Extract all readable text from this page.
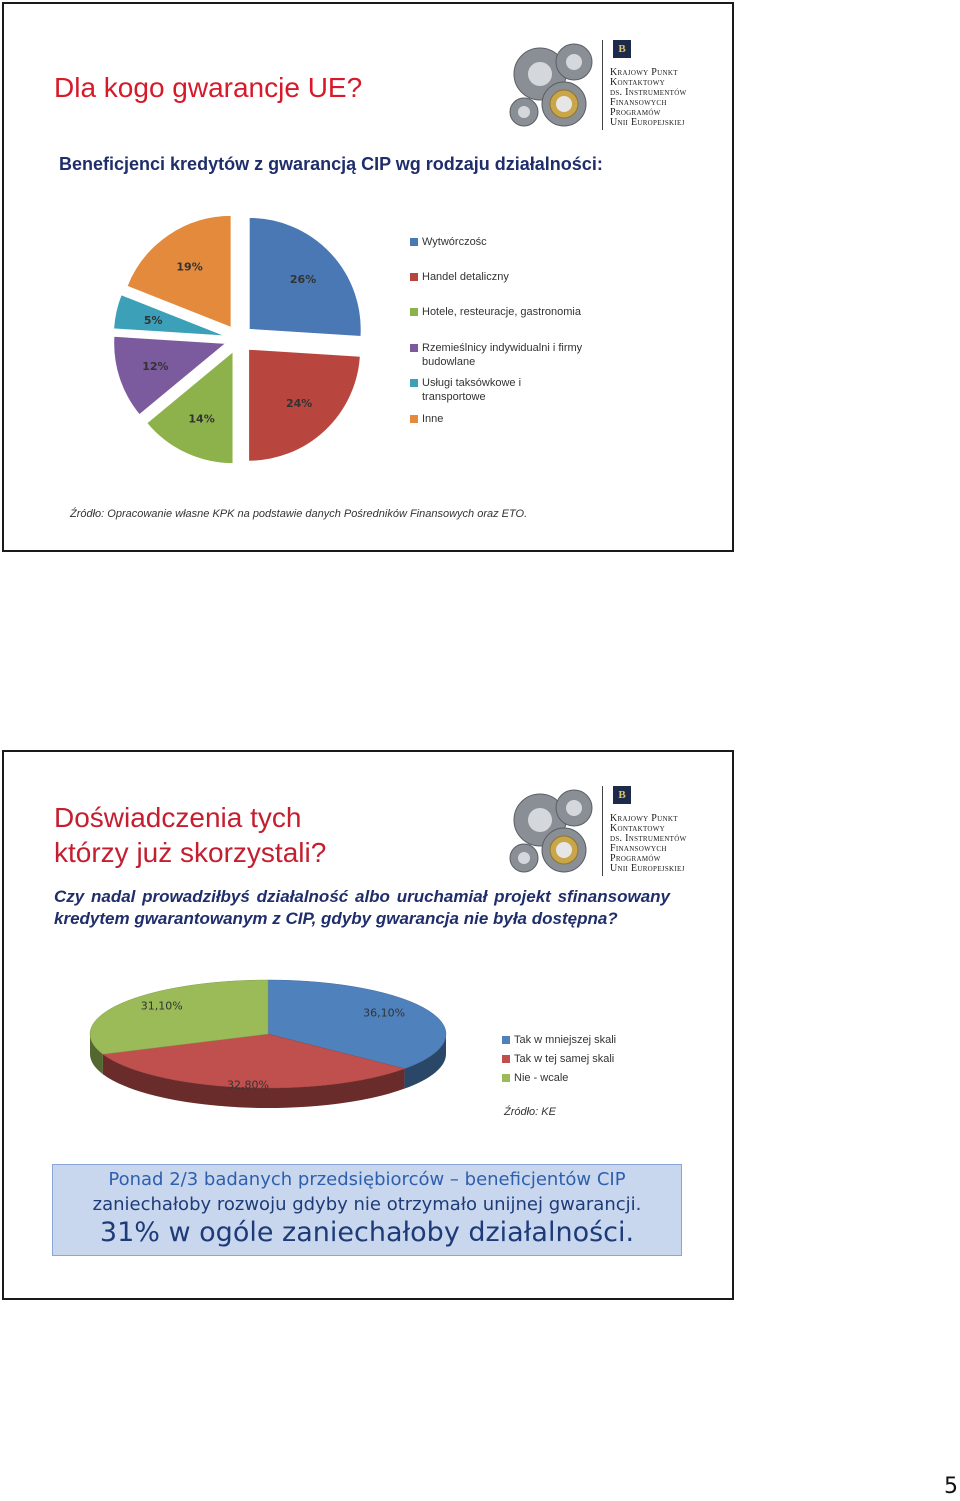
Dla kogo gwarancje UE?
B
Krajowy Punkt
Kontaktowy
ds. Instrumentów
Finansowych
Programów
Unii Europejskiej
Beneficjenci kredytów z gwarancją CIP wg rodzaju działalności:
26%
24%
14%
12%
5%
19%
Wytwórczośc
Handel detaliczny
Hotele, resteuracje, gastronomia
Rzemieślnicy indywidualni i firmy budowlane
Usługi taksówkowe i transportowe
Inne
Źródło: Opracowanie własne KPK na podstawie danych Pośredników Finansowych oraz ETO.
Doświadczenia tych
którzy już skorzystali?
B
Krajowy Punkt
Kontaktowy
ds. Instrumentów
Finansowych
Programów
Unii Europejskiej
Czy nadal prowadziłbyś działalność albo uruchamiał projekt sfinansowany kredytem gwarantowanym z CIP, gdyby gwarancja nie była dostępna?
36,10%
32,80%
31,10%
Tak w mniejszej skali
Tak w tej samej skali
Nie - wcale
Źródło: KE
Ponad 2/3 badanych przedsiębiorców – beneficjentów CIP
zaniechałoby rozwoju gdyby nie otrzymało unijnej gwarancji.
31% w ogóle zaniechałoby działalności.
5
